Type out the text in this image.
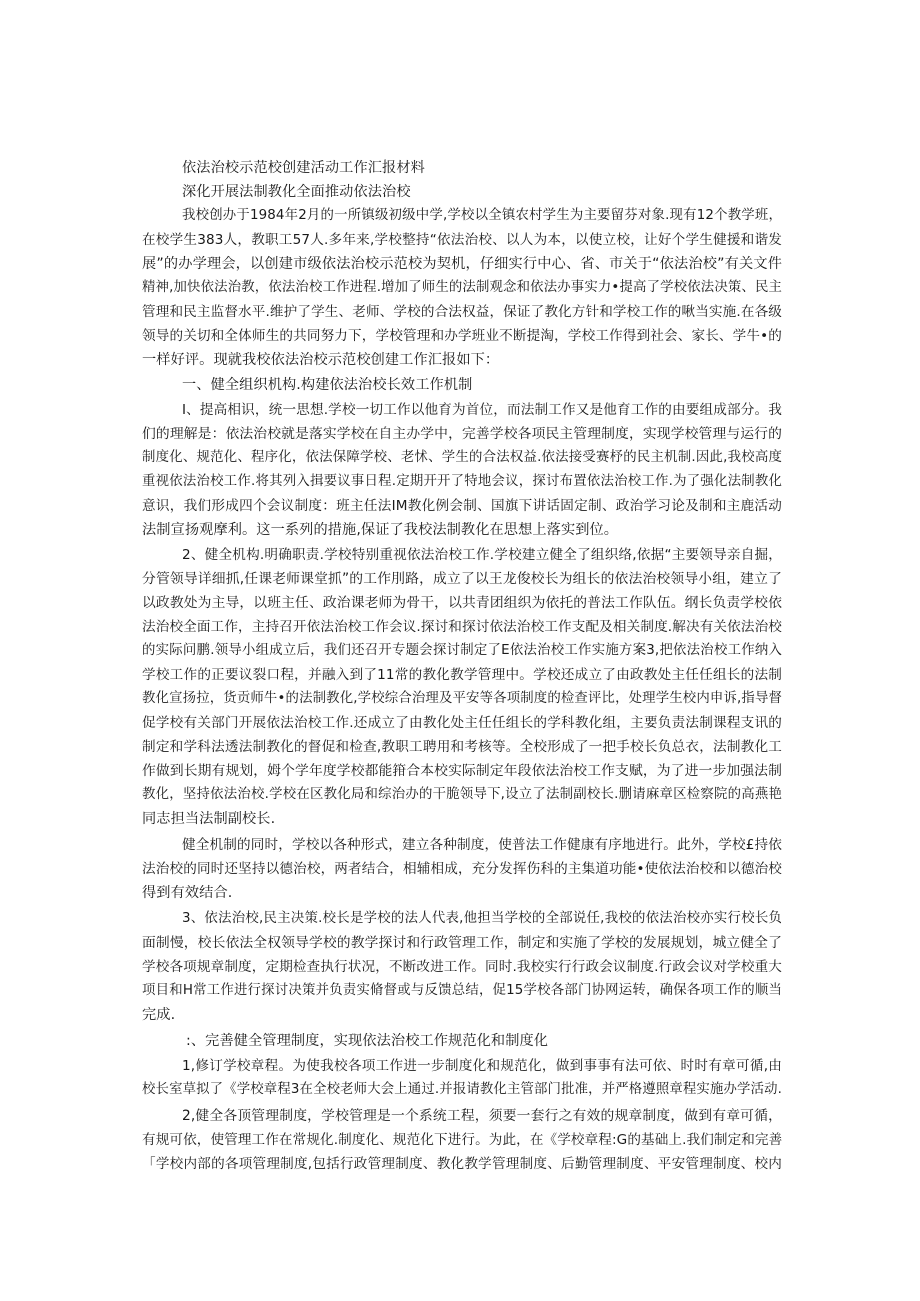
依法治校示范校创建活动工作汇报材料
深化开展法制教化全面推动依法治校
我校创办于1984年2月的一所镇级初级中学,学校以全镇农村学生为主要留芬对象.现有12个教学班，
在校学生383人，教职工57人.多年来,学校整持“依法治校、以人为本，以使立校，让好个学生健援和谐发
展”的办学理会，以创建市级依法治校示范校为契机，仔细实行中心、省、市关于“依法治校”有关文件
精神,加快依法治教，依法治校工作进程.增加了师生的法制观念和依法办事实力•提高了学校依法决策、民主
管理和民主监督水平.维护了学生、老师、学校的合法权益，保证了教化方针和学校工作的啾当实施.在各级
领导的关切和全体师生的共同努力下，学校管理和办学班业不断提淘，学校工作得到社会、家长、学牛•的
一样好评。现就我校依法治校示范校创建工作汇报如下：
一、健全组织机构.构建依法治校长效工作机制
I、提高相识，统一思想.学校一切工作以他育为首位，而法制工作又是他育工作的由要组成部分。我
们的理解是：依法治校就是落实学校在自主办学中，完善学校各项民主管理制度，实现学校管理与运行的
制度化、规范化、程序化，依法保障学校、老怵、学生的合法权益.依法接受赛杼的民主机制.因此,我校高度
重视依法治校工作.将其列入揖要议事日程.定期开开了特地会议，探讨布置依法治校工作.为了强化法制教化
意识，我们形成四个会议制度：班主任法IM教化例会制、国旗下讲话固定制、政治学习论及制和主鹿活动
法制宣扬观摩利。这一系列的措施,保证了我校法制教化在思想上落实到位。
2、健全机构.明确职责.学校特别重视依法治校工作.学校建立健全了组织络,依据“主要领导亲自掘，
分管领导详细抓,任课老师课堂抓”的工作刖路，成立了以王龙俊校长为组长的依法治校领导小组，建立了
以政教处为主导，以班主任、政治课老师为骨干，以共青团组织为依托的普法工作队伍。纲长负责学校依
法治校全面工作，主持召开依法治校工作会议.探讨和探讨依法治校工作支配及相关制度.解决有关依法治校
的实际问鹏.领导小组成立后，我们还召开专题会探讨制定了E依法治校工作实施方案3,把依法治校工作纳入
学校工作的正要议裂口程，并融入到了11常的教化教学管理中。学校还成立了由政教处主任任组长的法制
教化宣扬拉，货贡师牛•的法制教化,学校综合治理及平安等各项制度的检查评比，处理学生校内申诉,指导督
促学校有关部门开展依法治校工作.还成立了由教化处主任任组长的学科教化组，主要负责法制课程支讯的
制定和学科法透法制教化的督促和检查,教职工聘用和考核等。全校形成了一把手校长负总衣，法制教化工
作做到长期有规划，姆个学年度学校都能箝合本校实际制定年段依法治校工作支赋，为了进一步加强法制
教化，坚持依法治校.学校在区教化局和综治办的干脆领导下,设立了法制副校长.删请麻章区检察院的高燕艳
同志担当法制副校长.
健全机制的同时，学校以各种形式，建立各种制度，使普法工作健康有序地进行。此外，学校£持依
法治校的同时还坚持以德治校，两者结合，相辅相成，充分发挥伤科的主集道功能•使依法治校和以德治校
得到有效结合.
3、依法治校,民主决策.校长是学校的法人代表,他担当学校的全部说任,我校的依法治校亦实行校长负
面制慢，校长依法全权领导学校的教学探讨和行政管理工作，制定和实施了学校的发展规划，城立健全了
学校各项规章制度，定期检查执行状况，不断改进工作。同时.我校实行行政会议制度.行政会议对学校重大
项目和H常工作进行探讨决策并负责实脩督或与反馈总结，促15学校各部门协网运转，确保各项工作的顺当
完成.
:、完善健全管理制度，实现依法治校工作规范化和制度化
1,修订学校章程。为使我校各项工作进一步制度化和规范化，做到事事有法可依、时时有章可循,由
校长室草拟了《学校章程3在全校老师大会上通过.并报请教化主管部门批准，并严格遵照章程实施办学活动.
2,健全各顶管理制度，学校管理是一个系统工程，须要一套行之有效的规章制度，做到有章可循，
有规可依，使管理工作在常规化.制度化、规范化下进行。为此，在《学校章程:G的基础上.我们制定和完善
「学校内部的各项管理制度,包括行政管理制度、教化教学管理制度、后勤管理制度、平安管理制度、校内
